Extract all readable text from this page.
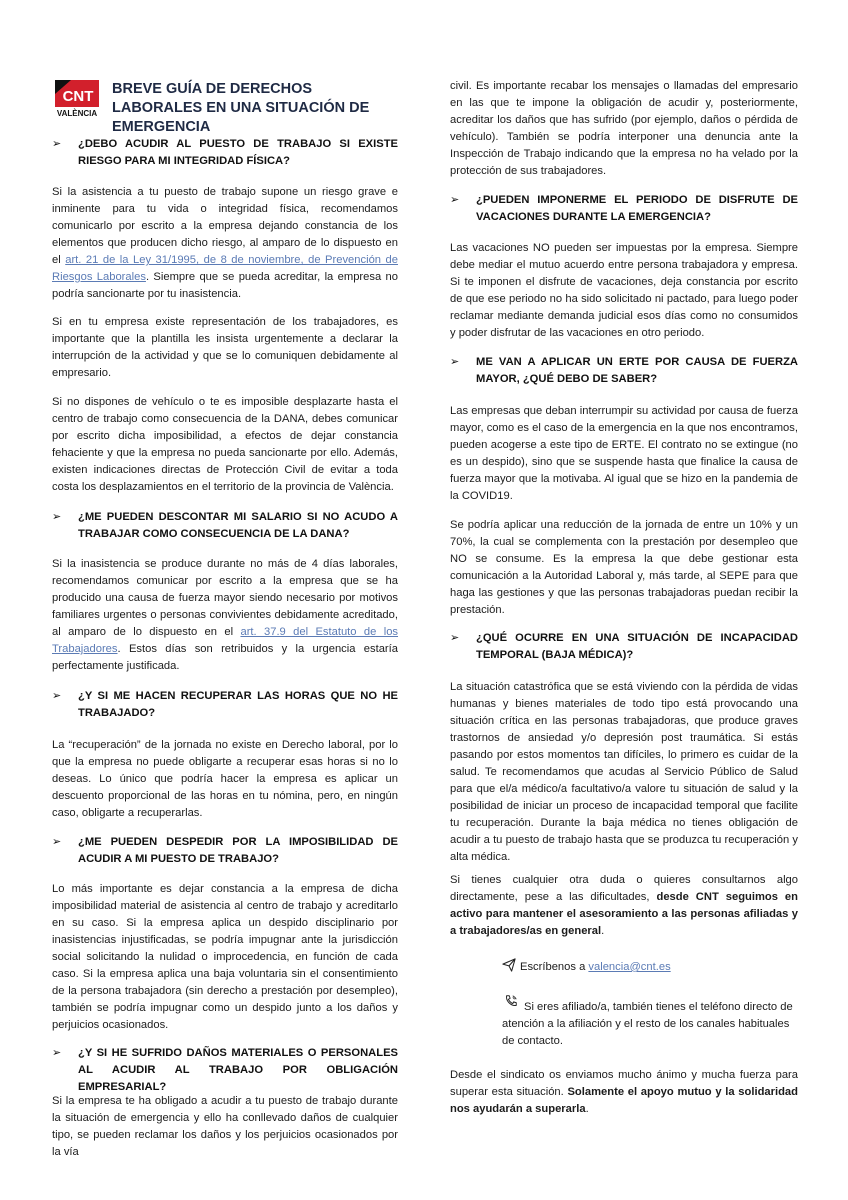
CNT
VALÈNCIA
BREVE GUÍA DE DERECHOS LABORALES EN UNA SITUACIÓN DE EMERGENCIA
➢ ¿DEBO ACUDIR AL PUESTO DE TRABAJO SI EXISTE RIESGO PARA MI INTEGRIDAD FÍSICA?

Si la asistencia a tu puesto de trabajo supone un riesgo grave e inminente para tu vida o integridad física, recomendamos comunicarlo por escrito a la empresa dejando constancia de los elementos que producen dicho riesgo, al amparo de lo dispuesto en el art. 21 de la Ley 31/1995, de 8 de noviembre, de Prevención de Riesgos Laborales. Siempre que se pueda acreditar, la empresa no podría sancionarte por tu inasistencia.

Si en tu empresa existe representación de los trabajadores, es importante que la plantilla les insista urgentemente a declarar la interrupción de la actividad y que se lo comuniquen debidamente al empresario.

Si no dispones de vehículo o te es imposible desplazarte hasta el centro de trabajo como consecuencia de la DANA, debes comunicar por escrito dicha imposibilidad, a efectos de dejar constancia fehaciente y que la empresa no pueda sancionarte por ello. Además, existen indicaciones directas de Protección Civil de evitar a toda costa los desplazamientos en el territorio de la provincia de València.

➢ ¿ME PUEDEN DESCONTAR MI SALARIO SI NO ACUDO A TRABAJAR COMO CONSECUENCIA DE LA DANA?

Si la inasistencia se produce durante no más de 4 días laborales, recomendamos comunicar por escrito a la empresa que se ha producido una causa de fuerza mayor siendo necesario por motivos familiares urgentes o personas convivientes debidamente acreditado, al amparo de lo dispuesto en el art. 37.9 del Estatuto de los Trabajadores. Estos días son retribuidos y la urgencia estaría perfectamente justificada.

➢ ¿Y SI ME HACEN RECUPERAR LAS HORAS QUE NO HE TRABAJADO?

La “recuperación” de la jornada no existe en Derecho laboral, por lo que la empresa no puede obligarte a recuperar esas horas si no lo deseas. Lo único que podría hacer la empresa es aplicar un descuento proporcional de las horas en tu nómina, pero, en ningún caso, obligarte a recuperarlas.

➢ ¿ME PUEDEN DESPEDIR POR LA IMPOSIBILIDAD DE ACUDIR A MI PUESTO DE TRABAJO?

Lo más importante es dejar constancia a la empresa de dicha imposibilidad material de asistencia al centro de trabajo y acreditarlo en su caso. Si la empresa aplica un despido disciplinario por inasistencias injustificadas, se podría impugnar ante la jurisdicción social solicitando la nulidad o improcedencia, en función de cada caso. Si la empresa aplica una baja voluntaria sin el consentimiento de la persona trabajadora (sin derecho a prestación por desempleo), también se podría impugnar como un despido junto a los daños y perjuicios ocasionados.

➢ ¿Y SI HE SUFRIDO DAÑOS MATERIALES O PERSONALES AL ACUDIR AL TRABAJO POR OBLIGACIÓN EMPRESARIAL?

Si la empresa te ha obligado a acudir a tu puesto de trabajo durante la situación de emergencia y ello ha conllevado daños de cualquier tipo, se pueden reclamar los daños y los perjuicios ocasionados por la vía

civil. Es importante recabar los mensajes o llamadas del empresario en las que te impone la obligación de acudir y, posteriormente, acreditar los daños que has sufrido (por ejemplo, daños o pérdida de vehículo). También se podría interponer una denuncia ante la Inspección de Trabajo indicando que la empresa no ha velado por la protección de sus trabajadores.

➢ ¿PUEDEN IMPONERME EL PERIODO DE DISFRUTE DE VACACIONES DURANTE LA EMERGENCIA?

Las vacaciones NO pueden ser impuestas por la empresa. Siempre debe mediar el mutuo acuerdo entre persona trabajadora y empresa. Si te imponen el disfrute de vacaciones, deja constancia por escrito de que ese periodo no ha sido solicitado ni pactado, para luego poder reclamar mediante demanda judicial esos días como no consumidos y poder disfrutar de las vacaciones en otro periodo.

➢ ME VAN A APLICAR UN ERTE POR CAUSA DE FUERZA MAYOR, ¿QUÉ DEBO DE SABER?

Las empresas que deban interrumpir su actividad por causa de fuerza mayor, como es el caso de la emergencia en la que nos encontramos, pueden acogerse a este tipo de ERTE. El contrato no se extingue (no es un despido), sino que se suspende hasta que finalice la causa de fuerza mayor que la motivaba. Al igual que se hizo en la pandemia de la COVID19.

Se podría aplicar una reducción de la jornada de entre un 10% y un 70%, la cual se complementa con la prestación por desempleo que NO se consume. Es la empresa la que debe gestionar esta comunicación a la Autoridad Laboral y, más tarde, al SEPE para que haga las gestiones y que las personas trabajadoras puedan recibir la prestación.

➢ ¿QUÉ OCURRE EN UNA SITUACIÓN DE INCAPACIDAD TEMPORAL (BAJA MÉDICA)?

La situación catastrófica que se está viviendo con la pérdida de vidas humanas y bienes materiales de todo tipo está provocando una situación crítica en las personas trabajadoras, que produce graves trastornos de ansiedad y/o depresión post traumática. Si estás pasando por estos momentos tan difíciles, lo primero es cuidar de la salud. Te recomendamos que acudas al Servicio Público de Salud para que el/a médico/a facultativo/a valore tu situación de salud y la posibilidad de iniciar un proceso de incapacidad temporal que facilite tu recuperación. Durante la baja médica no tienes obligación de acudir a tu puesto de trabajo hasta que se produzca tu recuperación y alta médica.

Si tienes cualquier otra duda o quieres consultarnos algo directamente, pese a las dificultades, desde CNT seguimos en activo para mantener el asesoramiento a las personas afiliadas y a trabajadores/as en general.

Escríbenos a valencia@cnt.es
Si eres afiliado/a, también tienes el teléfono directo de atención a la afiliación y el resto de los canales habituales de contacto.

Desde el sindicato os enviamos mucho ánimo y mucha fuerza para superar esta situación. Solamente el apoyo mutuo y la solidaridad nos ayudarán a superarla.
